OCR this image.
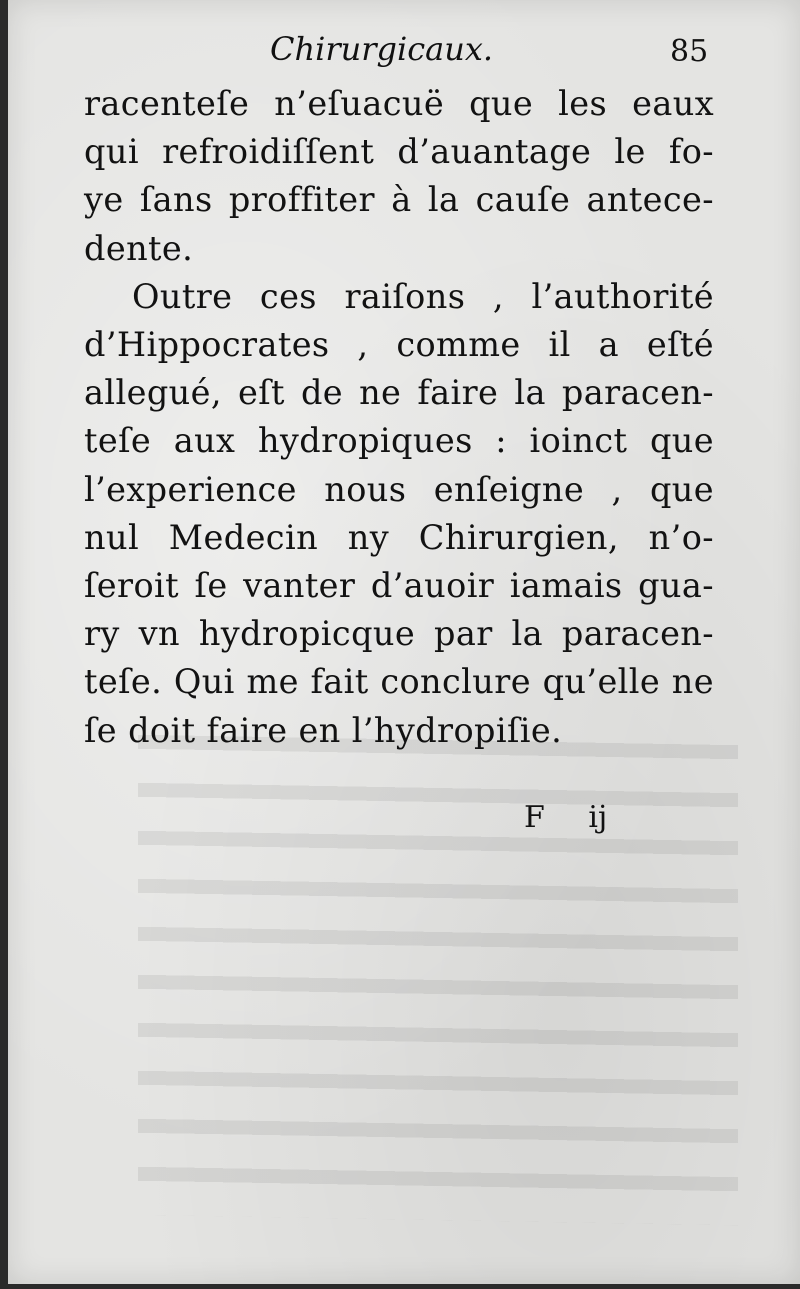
Chirurgicaux.	85
racenteſe n’eſuacuë que les eaux
qui refroidiſſent d’auantage le fo-
ye ſans proffiter à la cauſe antece-
dente.
Outre ces raiſons , l’authorité
d’Hippocrates , comme il a eſté
allegué, eſt de ne faire la paracen-
teſe aux hydropiques : ioinct que
l’experience nous enſeigne , que
nul Medecin ny Chirurgien, n’o-
ſeroit ſe vanter d’auoir iamais gua-
ry vn hydropicque par la paracen-
teſe. Qui me fait conclure qu’elle ne
ſe doit faire en l’hydropiſie.
F ij
